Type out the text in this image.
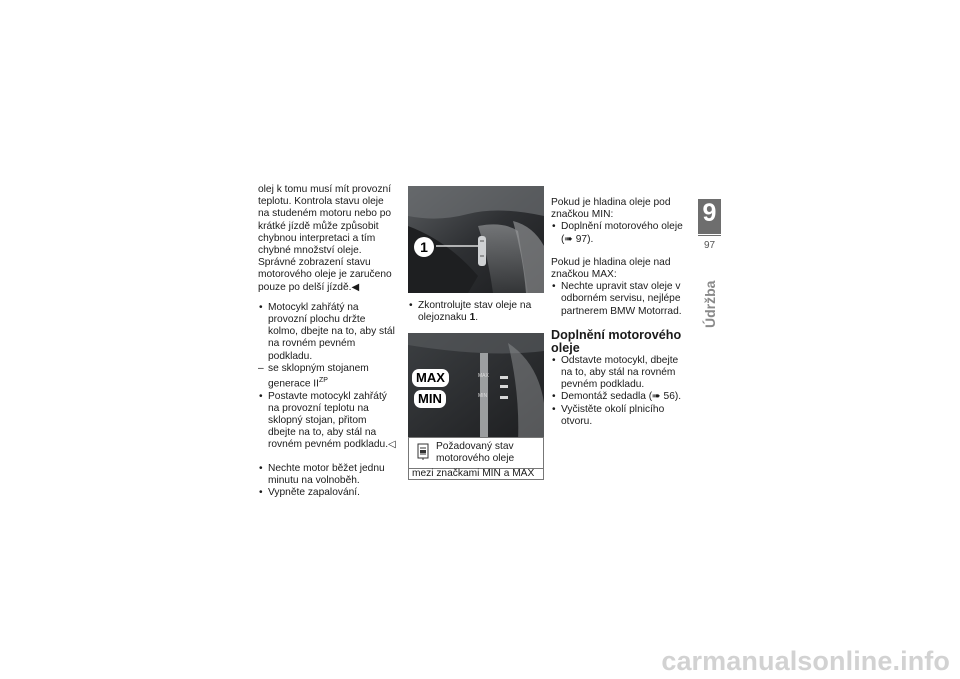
olej k tomu musí mít provozní teplotu. Kontrola stavu oleje na studeném motoru nebo po krátké jízdě může způsobit chybnou interpretaci a tím chybné množství oleje.

Správné zobrazení stavu motorového oleje je zaručeno pouze po delší jízdě.◀

• Motocykl zahřátý na provozní plochu držte kolmo, dbejte na to, aby stál na rovném pevném podkladu.
– se sklopným stojanem generace $II^{ZP}$
• Postavte motocykl zahřátý na provozní teplotu na sklopný stojan, přitom dbejte na to, aby stál na rovném pevném podkladu.◁
• Nechte motor běžet jednu minutu na volnoběh.
• Vypněte zapalování.
1
• Zkontrolujte stav oleje na olejoznaku 1.
MAX
MIN
MAX
MIN
Požadovaný stav motorového oleje
mezi značkami MIN a MAX

Pokud je hladina oleje pod značkou MIN:

• Doplnění motorového oleje (➠ 97).

Pokud je hladina oleje nad značkou MAX:

• Nechte upravit stav oleje v odborném servisu, nejlépe partnerem BMW Motorrad.
Doplnění motorového oleje
• Odstavte motocykl, dbejte na to, aby stál na rovném pevném podkladu.
• Demontáž sedadla (➠ 56).
• Vyčistěte okolí plnicího otvoru.
9
97
Údržba
carmanualsonline.info
